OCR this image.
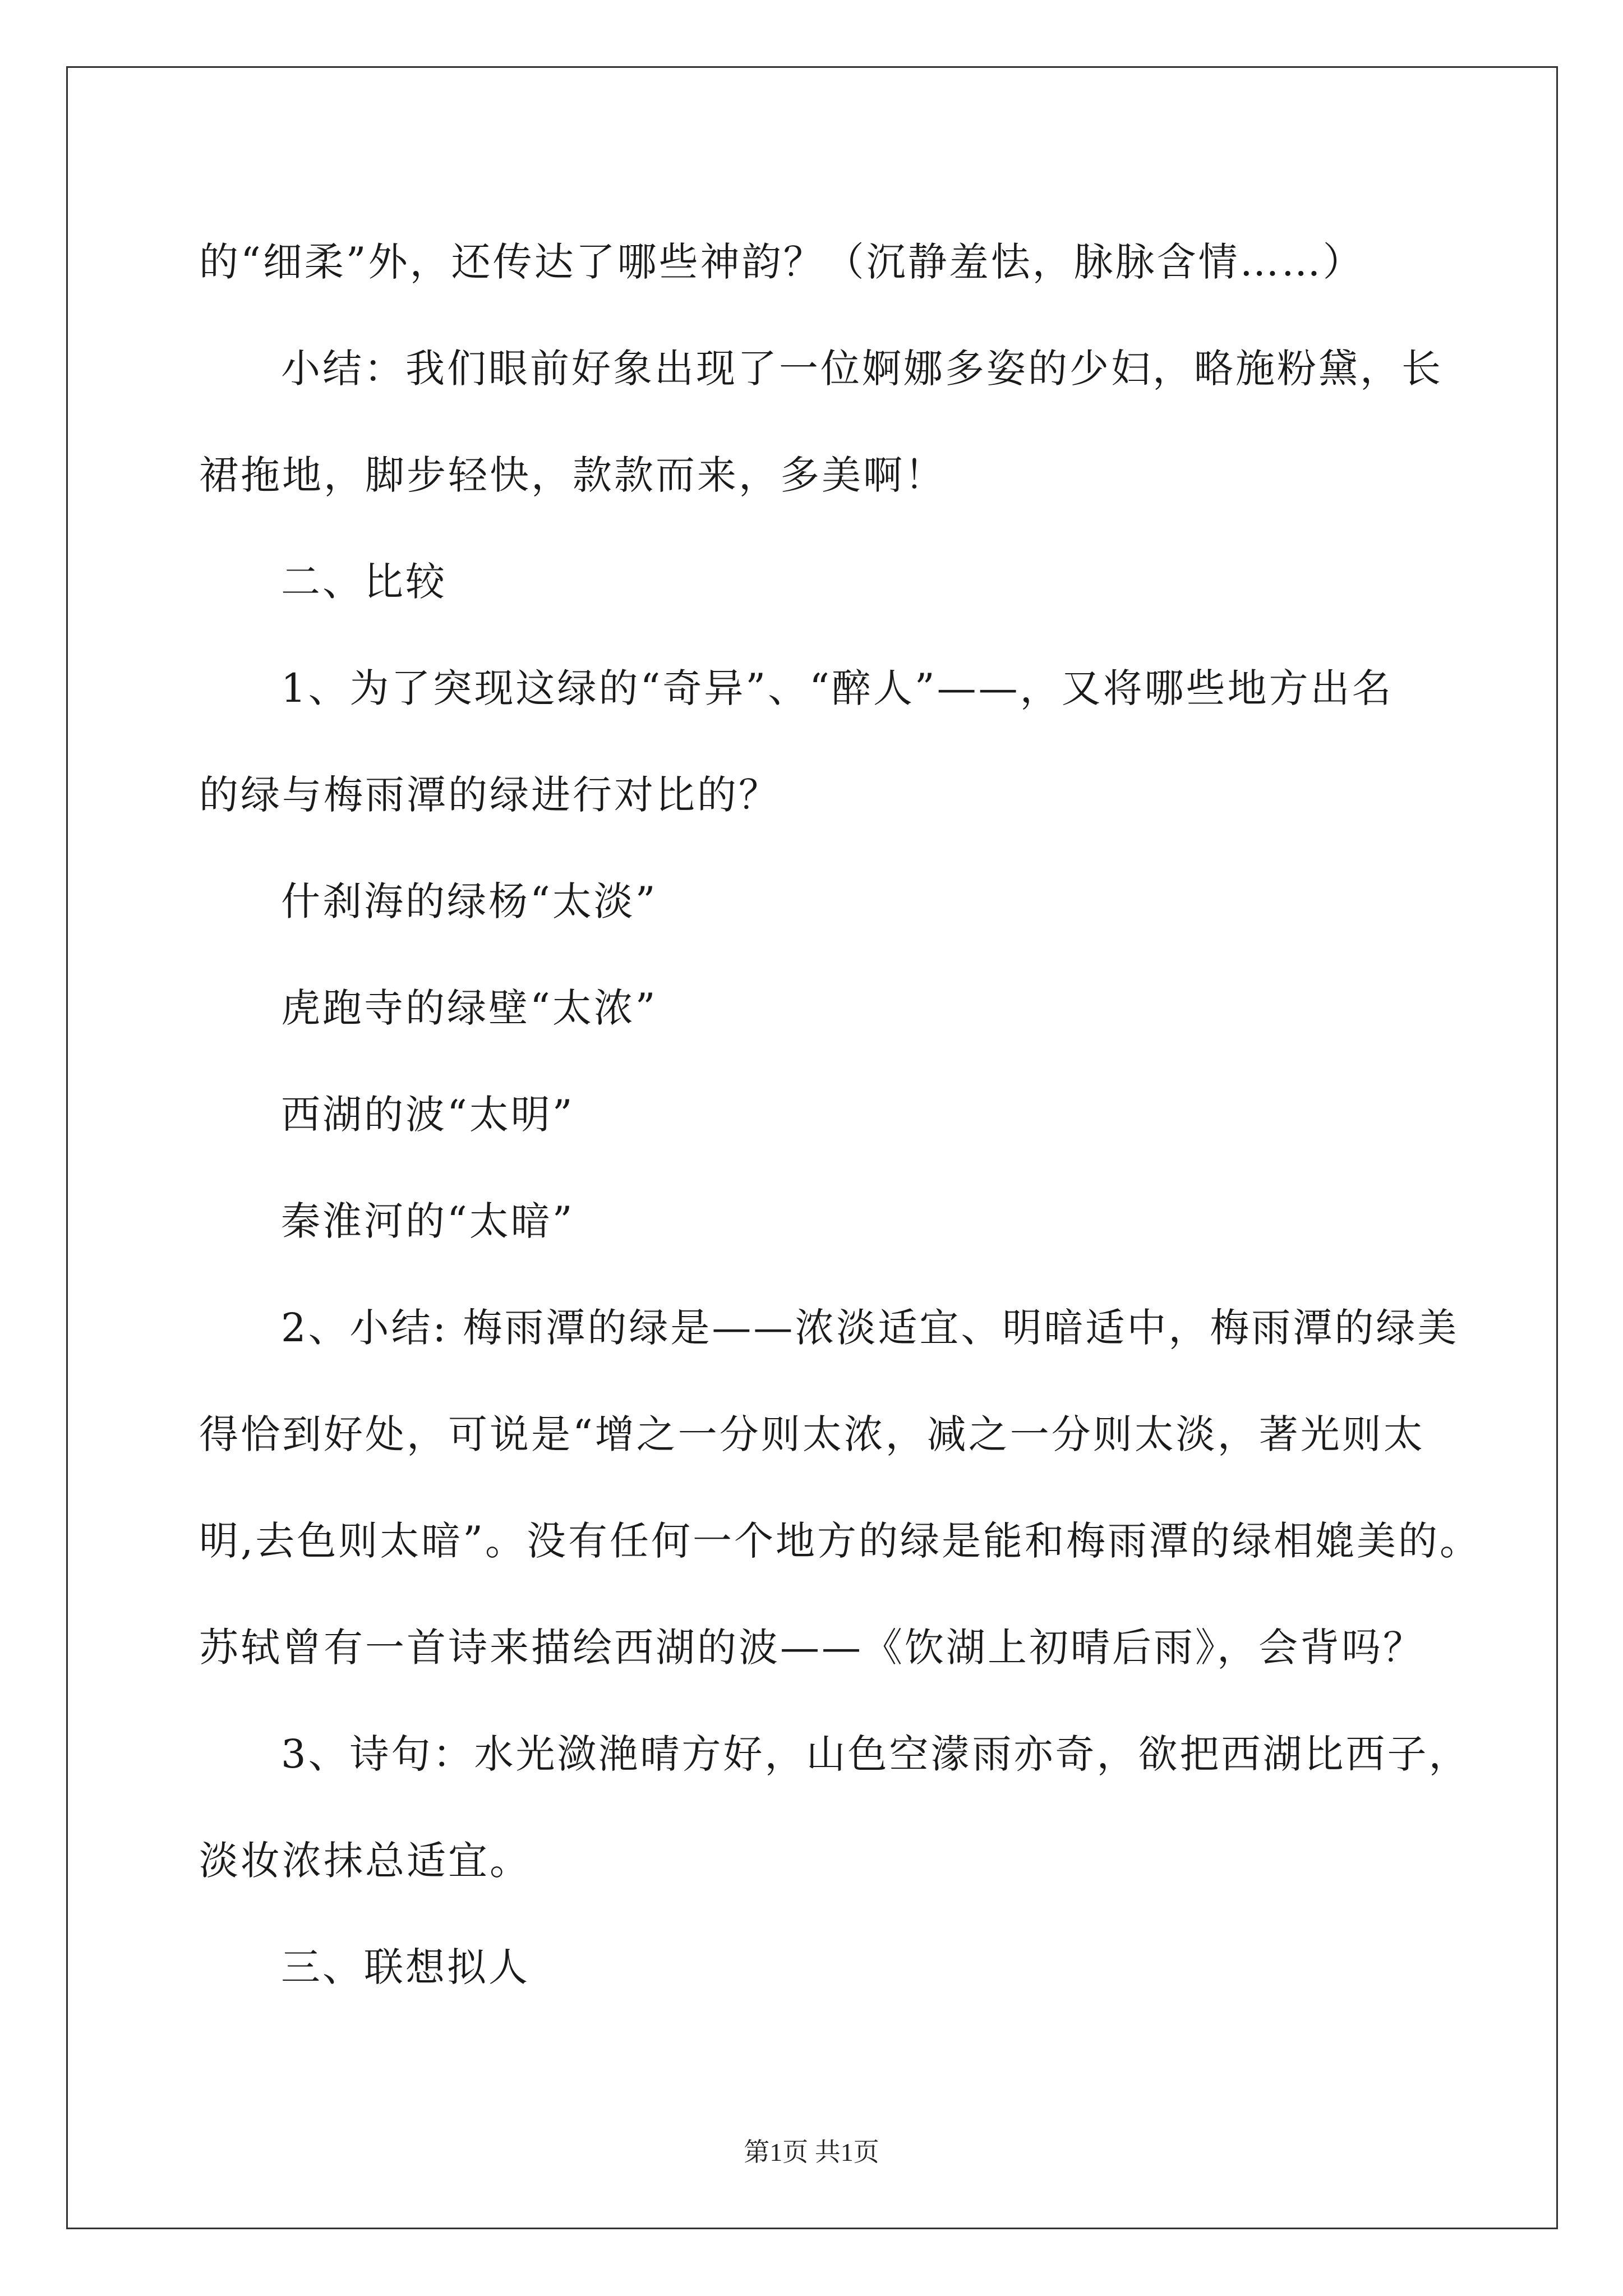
的“细柔”外，还传达了哪些神韵？（沉静羞怯，脉脉含情……）
小结：我们眼前好象出现了一位婀娜多姿的少妇，略施粉黛，长
裙拖地，脚步轻快，款款而来，多美啊！
二、比较
1、为了突现这绿的“奇异”、“醉人”——，又将哪些地方出名
的绿与梅雨潭的绿进行对比的？
什刹海的绿杨“太淡”
虎跑寺的绿壁“太浓”
西湖的波“太明”
秦淮河的“太暗”
2、小结: 梅雨潭的绿是——浓淡适宜、明暗适中，梅雨潭的绿美
得恰到好处，可说是“增之一分则太浓，减之一分则太淡，著光则太
明,去色则太暗”。没有任何一个地方的绿是能和梅雨潭的绿相媲美的。
苏轼曾有一首诗来描绘西湖的波——《饮湖上初晴后雨》，会背吗？
3、诗句：水光潋滟晴方好，山色空濛雨亦奇，欲把西湖比西子，
淡妆浓抹总适宜。
三、联想拟人
第1页 共1页
